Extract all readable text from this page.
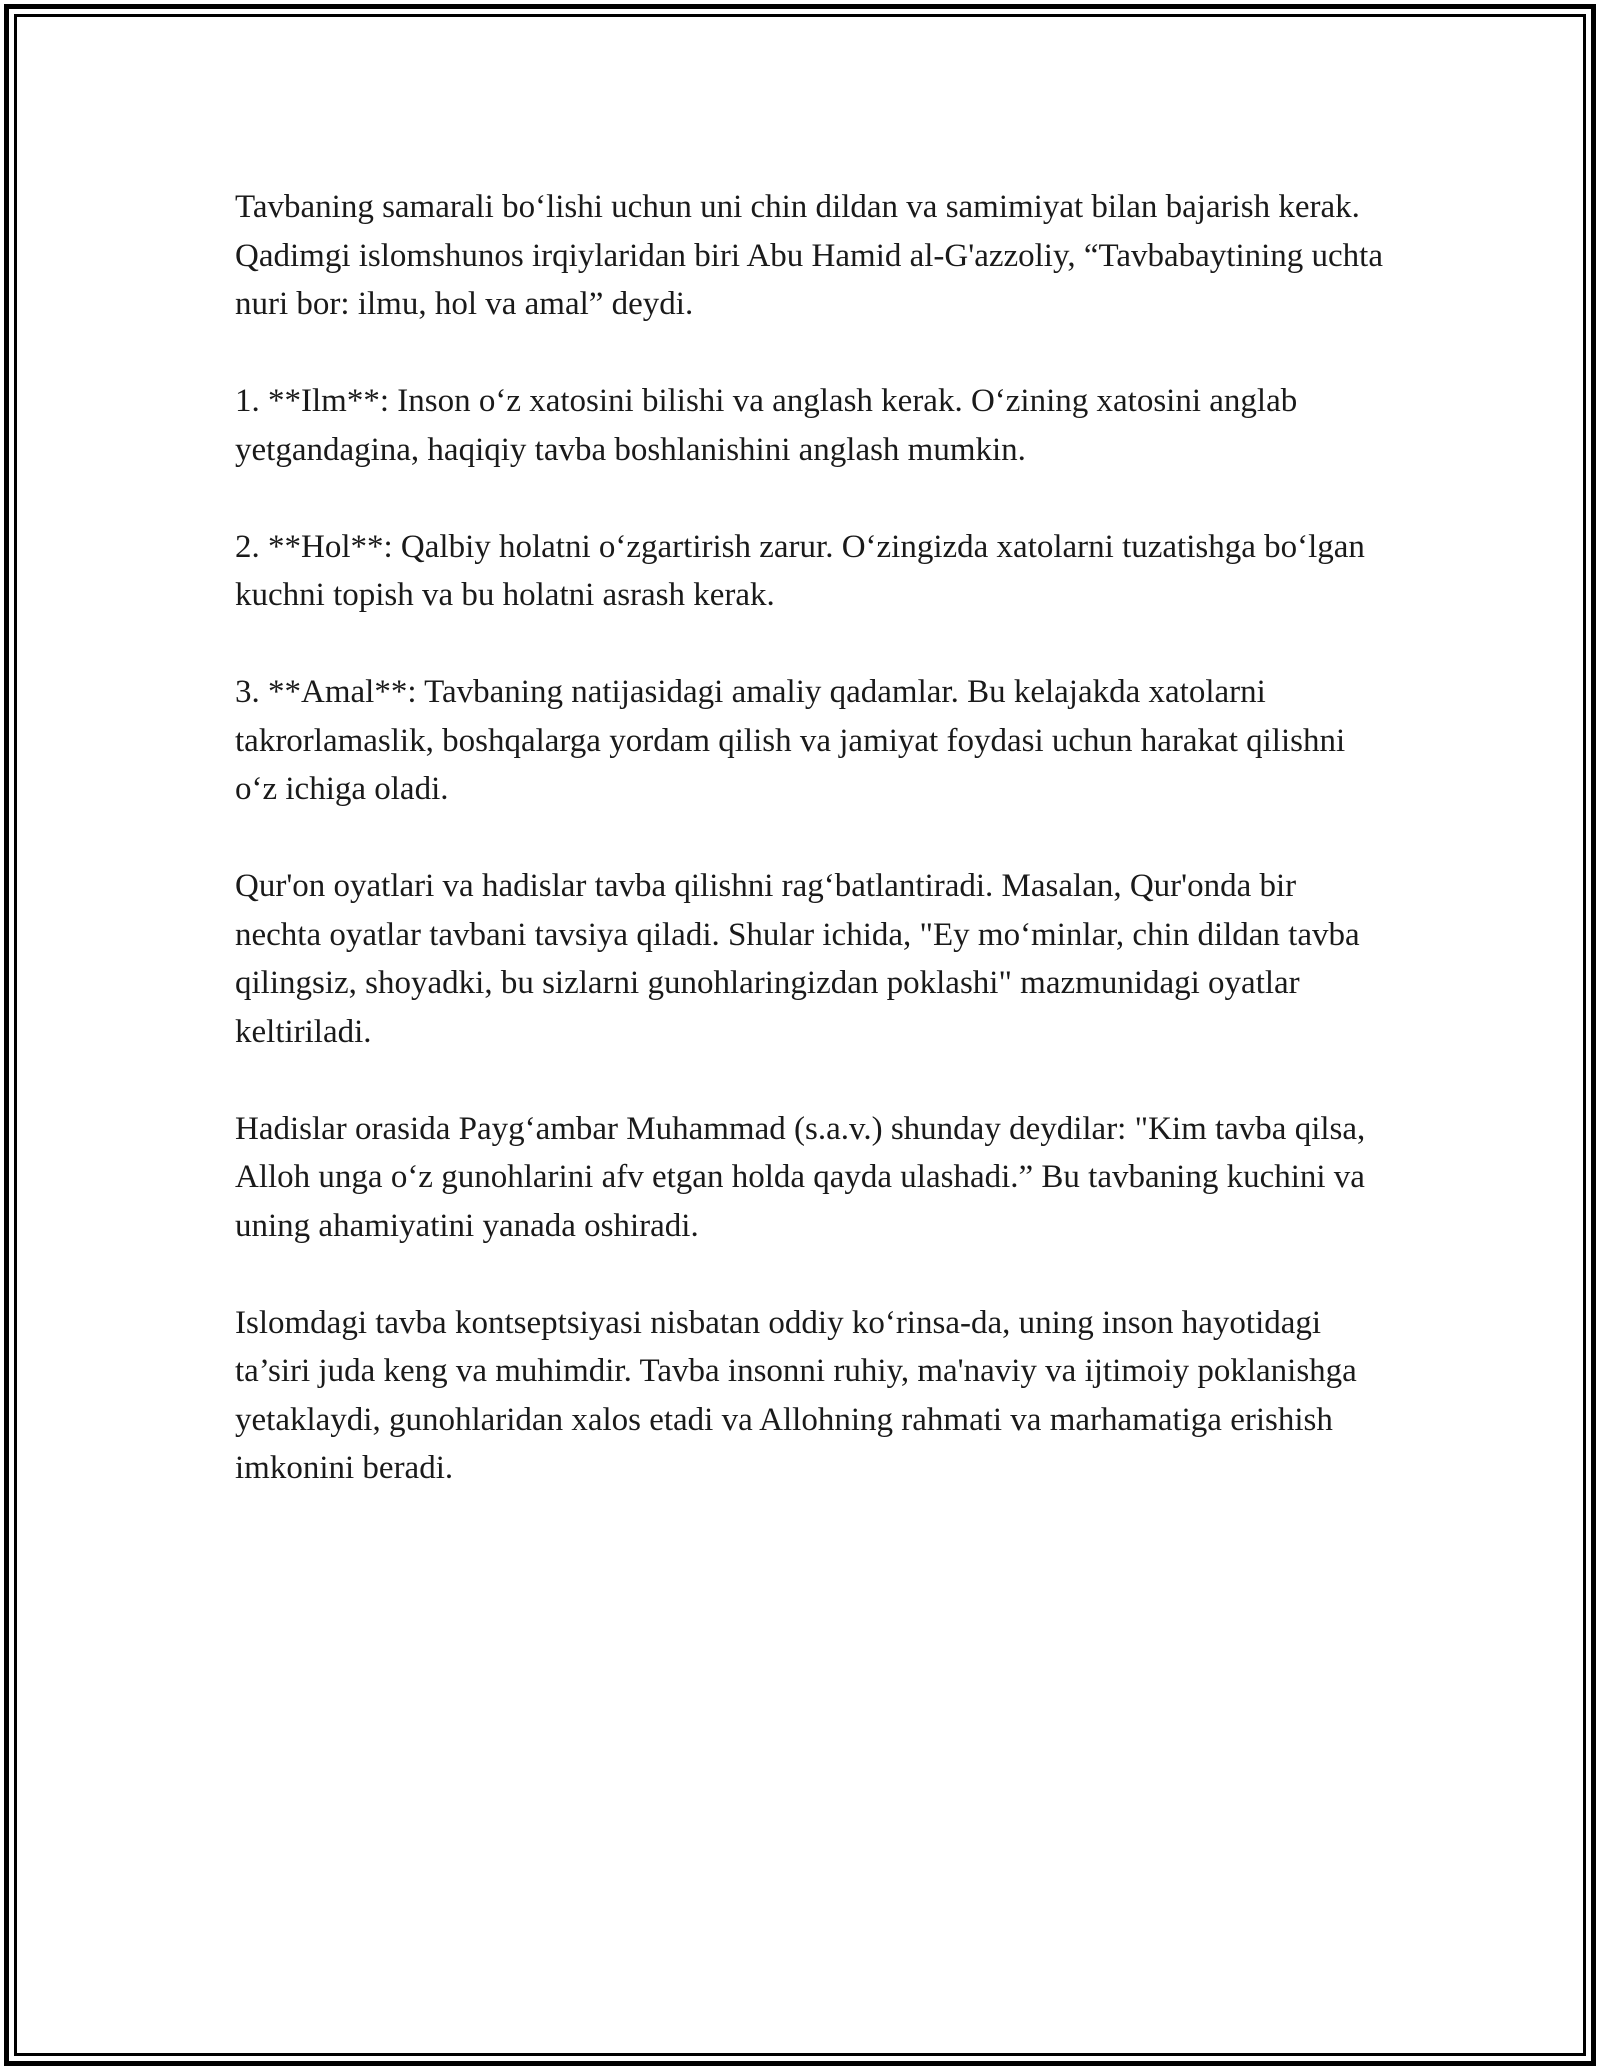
Tavbaning samarali bo‘lishi uchun uni chin dildan va samimiyat bilan bajarish kerak. Qadimgi islomshunos irqiylaridan biri Abu Hamid al-G'azzoliy, “Tavbabaytining uchta nuri bor: ilmu, hol va amal” deydi.

1. **Ilm**: Inson o‘z xatosini bilishi va anglash kerak. O‘zining xatosini anglab yetgandagina, haqiqiy tavba boshlanishini anglash mumkin.

2. **Hol**: Qalbiy holatni o‘zgartirish zarur. O‘zingizda xatolarni tuzatishga bo‘lgan kuchni topish va bu holatni asrash kerak.

3. **Amal**: Tavbaning natijasidagi amaliy qadamlar. Bu kelajakda xatolarni takrorlamaslik, boshqalarga yordam qilish va jamiyat foydasi uchun harakat qilishni o‘z ichiga oladi.

Qur'on oyatlari va hadislar tavba qilishni rag‘batlantiradi. Masalan, Qur'onda bir nechta oyatlar tavbani tavsiya qiladi. Shular ichida, "Ey mo‘minlar, chin dildan tavba qilingsiz, shoyadki, bu sizlarni gunohlaringizdan poklashi" mazmunidagi oyatlar keltiriladi.

Hadislar orasida Payg‘ambar Muhammad (s.a.v.) shunday deydilar: "Kim tavba qilsa, Alloh unga o‘z gunohlarini afv etgan holda qayda ulashadi.” Bu tavbaning kuchini va uning ahamiyatini yanada oshiradi.

Islomdagi tavba kontseptsiyasi nisbatan oddiy ko‘rinsa-da, uning inson hayotidagi ta’siri juda keng va muhimdir. Tavba insonni ruhiy, ma'naviy va ijtimoiy poklanishga yetaklaydi, gunohlaridan xalos etadi va Allohning rahmati va marhamatiga erishish imkonini beradi.
